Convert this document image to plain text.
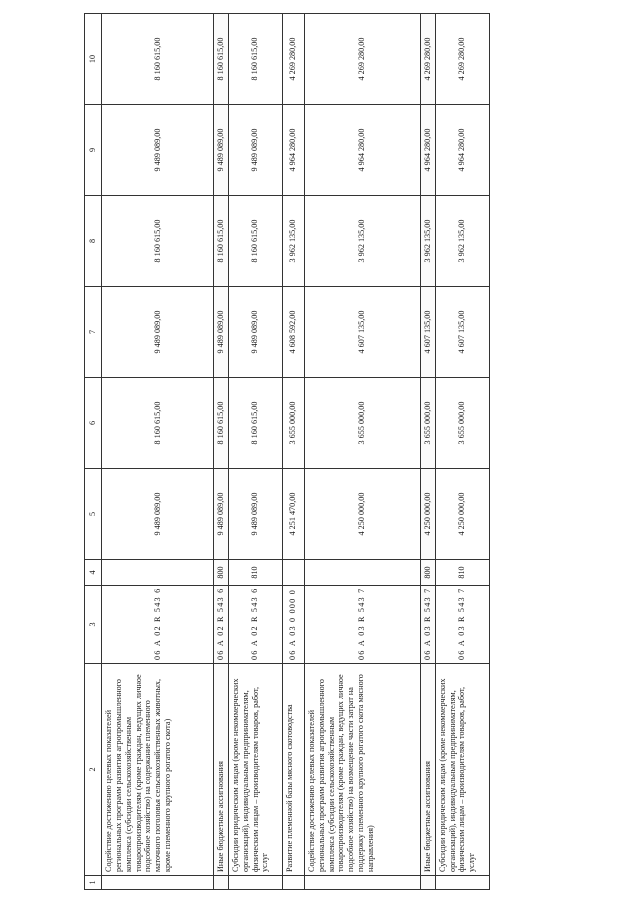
1	2	3	4	5	6	7	8	9	10
	Содействие достижению целевых показателей региональных программ развития агропромышленного комплекса (субсидии сельскохозяйственным товаропроизводителям (кроме граждан, ведущих личное подсобное хозяйство) на содержание племенного маточного поголовья сельскохозяйственных животных, кроме племенного крупного рогатого скота)	06 А 02 R 543 6		9 489 089,00	8 160 615,00	9 489 089,00	8 160 615,00	9 489 089,00	8 160 615,00
	Иные бюджетные ассигнования	06 А 02 R 543 6	800	9 489 089,00	8 160 615,00	9 489 089,00	8 160 615,00	9 489 089,00	8 160 615,00
	Субсидии юридическим лицам (кроме некоммерческих организаций), индивидуальным предпринимателям, физическим лицам – производителям товаров, работ, услуг	06 А 02 R 543 6	810	9 489 089,00	8 160 615,00	9 489 089,00	8 160 615,00	9 489 089,00	8 160 615,00
	Развитие племенной базы мясного скотоводства	06 А 03 0 000 0		4 251 470,00	3 655 000,00	4 608 592,00	3 962 135,00	4 964 280,00	4 269 280,00
	Содействие достижению целевых показателей региональных программ развития агропромышленного комплекса (субсидии сельскохозяйственным товаропроизводителям (кроме граждан, ведущих личное подсобное хозяйство) на возмещение части затрат на поддержку племенного крупного рогатого скота мясного направления)	06 А 03 R 543 7		4 250 000,00	3 655 000,00	4 607 135,00	3 962 135,00	4 964 280,00	4 269 280,00
	Иные бюджетные ассигнования	06 А 03 R 543 7	800	4 250 000,00	3 655 000,00	4 607 135,00	3 962 135,00	4 964 280,00	4 269 280,00
	Субсидии юридическим лицам (кроме некоммерческих организаций), индивидуальным предпринимателям, физическим лицам – производителям товаров, работ, услуг	06 А 03 R 543 7	810	4 250 000,00	3 655 000,00	4 607 135,00	3 962 135,00	4 964 280,00	4 269 280,00
